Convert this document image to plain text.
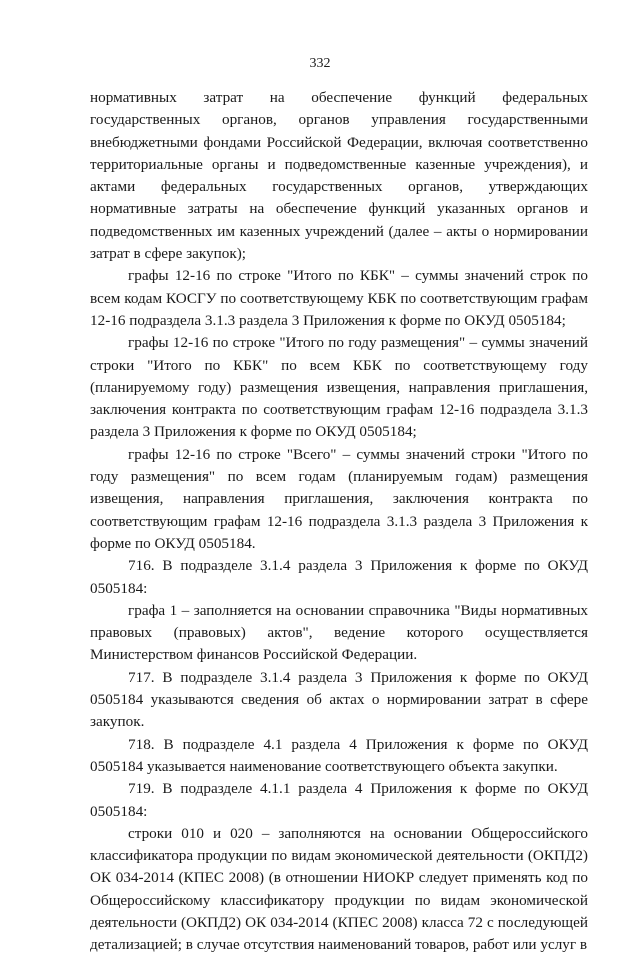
332

нормативных затрат на обеспечение функций федеральных государственных органов, органов управления государственными внебюджетными фондами Российской Федерации, включая соответственно территориальные органы и подведомственные казенные учреждения), и актами федеральных государственных органов, утверждающих нормативные затраты на обеспечение функций указанных органов и подведомственных им казенных учреждений (далее – акты о нормировании затрат в сфере закупок);

графы 12-16 по строке "Итого по КБК" – суммы значений строк по всем кодам КОСГУ по соответствующему КБК по соответствующим графам 12-16 подраздела 3.1.3 раздела 3 Приложения к форме по ОКУД 0505184;

графы 12-16 по строке "Итого по году размещения" – суммы значений строки "Итого по КБК" по всем КБК по соответствующему году (планируемому году) размещения извещения, направления приглашения, заключения контракта по соответствующим графам 12-16 подраздела 3.1.3 раздела 3 Приложения к форме по ОКУД 0505184;

графы 12-16 по строке "Всего" – суммы значений строки "Итого по году размещения" по всем годам (планируемым годам) размещения извещения, направления приглашения, заключения контракта по соответствующим графам 12-16 подраздела 3.1.3 раздела 3 Приложения к форме по ОКУД 0505184.

716. В подразделе 3.1.4 раздела 3 Приложения к форме по ОКУД 0505184:

графа 1 – заполняется на основании справочника "Виды нормативных правовых (правовых) актов", ведение которого осуществляется Министерством финансов Российской Федерации.

717. В подразделе 3.1.4 раздела 3 Приложения к форме по ОКУД 0505184 указываются сведения об актах о нормировании затрат в сфере закупок.

718. В подразделе 4.1 раздела 4 Приложения к форме по ОКУД 0505184 указывается наименование соответствующего объекта закупки.

719. В подразделе 4.1.1 раздела 4 Приложения к форме по ОКУД 0505184:

строки 010 и 020 – заполняются на основании Общероссийского классификатора продукции по видам экономической деятельности (ОКПД2) ОК 034-2014 (КПЕС 2008) (в отношении НИОКР следует применять код по Общероссийскому классификатору продукции по видам экономической деятельности (ОКПД2) ОК 034-2014 (КПЕС 2008) класса 72 с последующей детализацией; в случае отсутствия наименований товаров, работ или услуг в
